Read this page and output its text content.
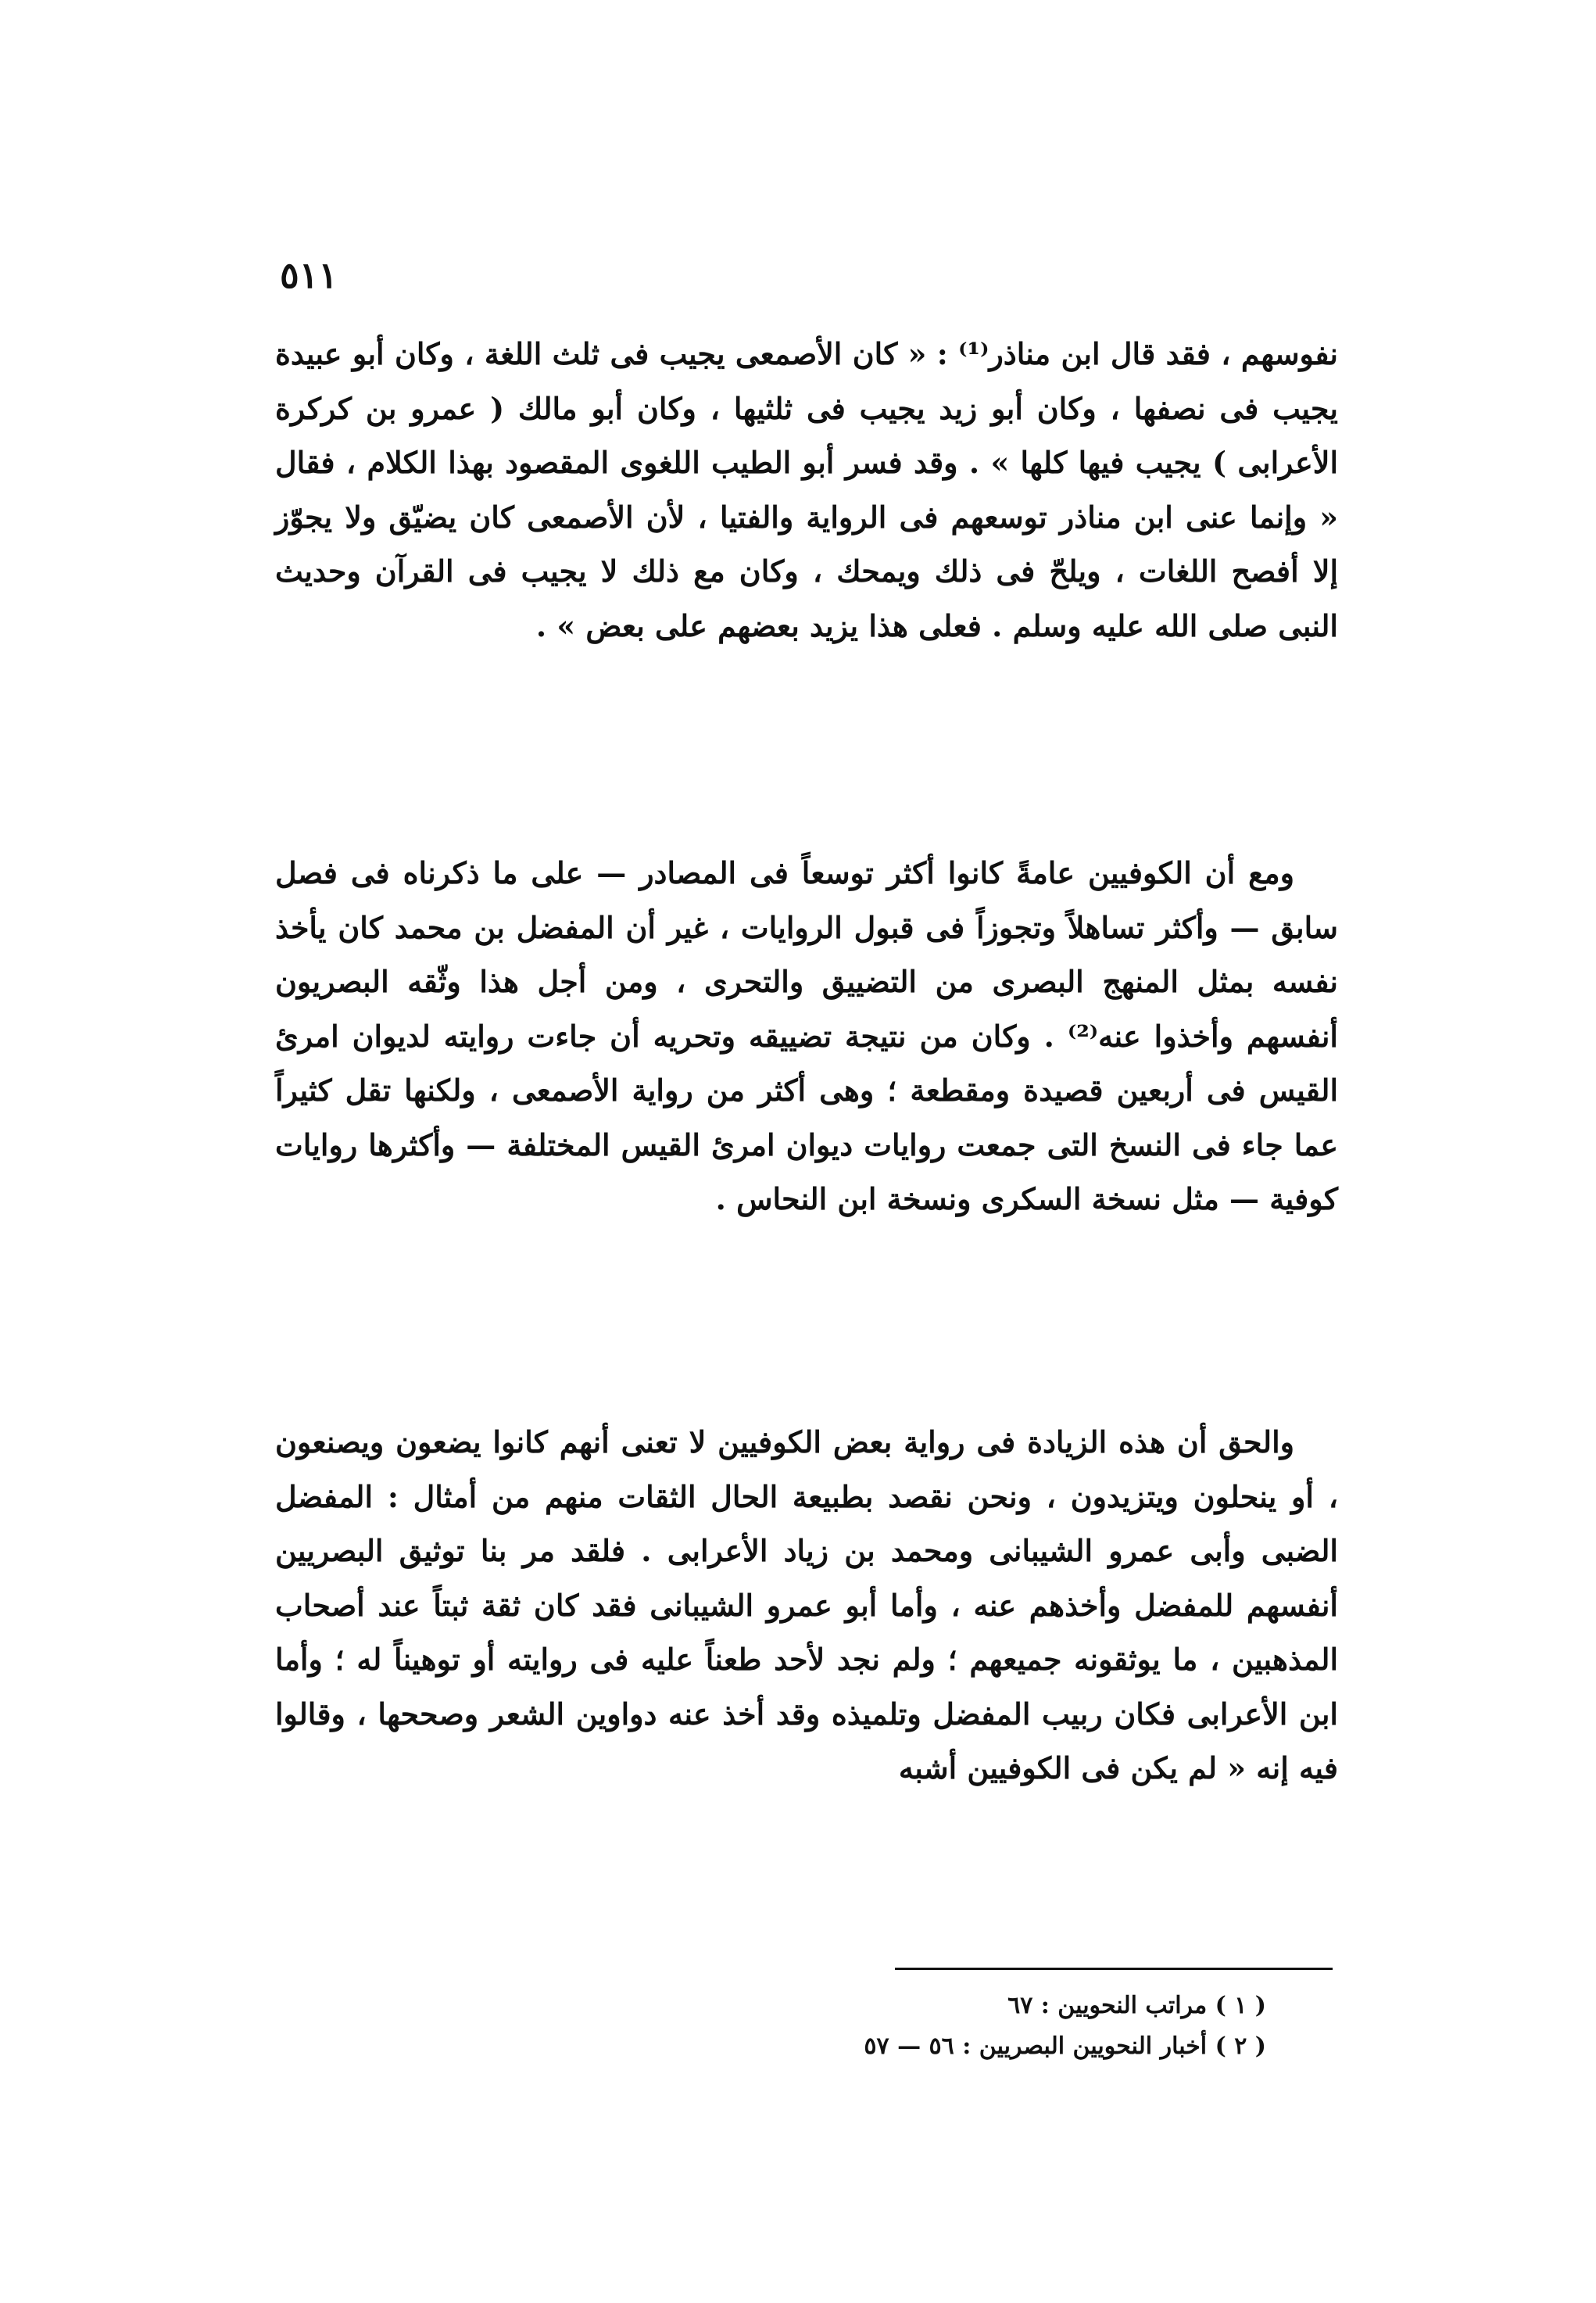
٥١١

نفوسهم ، فقد قال ابن مناذر⁽¹⁾ : « كان الأصمعى يجيب فى ثلث اللغة ، وكان أبو عبيدة يجيب فى نصفها ، وكان أبو زيد يجيب فى ثلثيها ، وكان أبو مالك ( عمرو بن كركرة الأعرابى ) يجيب فيها كلها » . وقد فسر أبو الطيب اللغوى المقصود بهذا الكلام ، فقال « وإنما عنى ابن مناذر توسعهم فى الرواية والفتيا ، لأن الأصمعى كان يضيّق ولا يجوّز إلا أفصح اللغات ، ويلحّ فى ذلك ويمحك ، وكان مع ذلك لا يجيب فى القرآن وحديث النبى صلى الله عليه وسلم . فعلى هذا يزيد بعضهم على بعض » .

ومع أن الكوفيين عامةً كانوا أكثر توسعاً فى المصادر — على ما ذكرناه فى فصل سابق — وأكثر تساهلاً وتجوزاً فى قبول الروايات ، غير أن المفضل بن محمد كان يأخذ نفسه بمثل المنهج البصرى من التضييق والتحرى ، ومن أجل هذا وثّقه البصريون أنفسهم وأخذوا عنه⁽²⁾ . وكان من نتيجة تضييقه وتحريه أن جاءت روايته لديوان امرئ القيس فى أربعين قصيدة ومقطعة ؛ وهى أكثر من رواية الأصمعى ، ولكنها تقل كثيراً عما جاء فى النسخ التى جمعت روايات ديوان امرئ القيس المختلفة — وأكثرها روايات كوفية — مثل نسخة السكرى ونسخة ابن النحاس .

والحق أن هذه الزيادة فى رواية بعض الكوفيين لا تعنى أنهم كانوا يضعون ويصنعون ، أو ينحلون ويتزيدون ، ونحن نقصد بطبيعة الحال الثقات منهم من أمثال : المفضل الضبى وأبى عمرو الشيبانى ومحمد بن زياد الأعرابى . فلقد مر بنا توثيق البصريين أنفسهم للمفضل وأخذهم عنه ، وأما أبو عمرو الشيبانى فقد كان ثقة ثبتاً عند أصحاب المذهبين ، ما يوثقونه جميعهم ؛ ولم نجد لأحد طعناً عليه فى روايته أو توهيناً له ؛ وأما ابن الأعرابى فكان ربيب المفضل وتلميذه وقد أخذ عنه دواوين الشعر وصححها ، وقالوا فيه إنه « لم يكن فى الكوفيين أشبه

( ١ ) مراتب النحويين : ٦٧
( ٢ ) أخبار النحويين البصريين : ٥٦ — ٥٧
